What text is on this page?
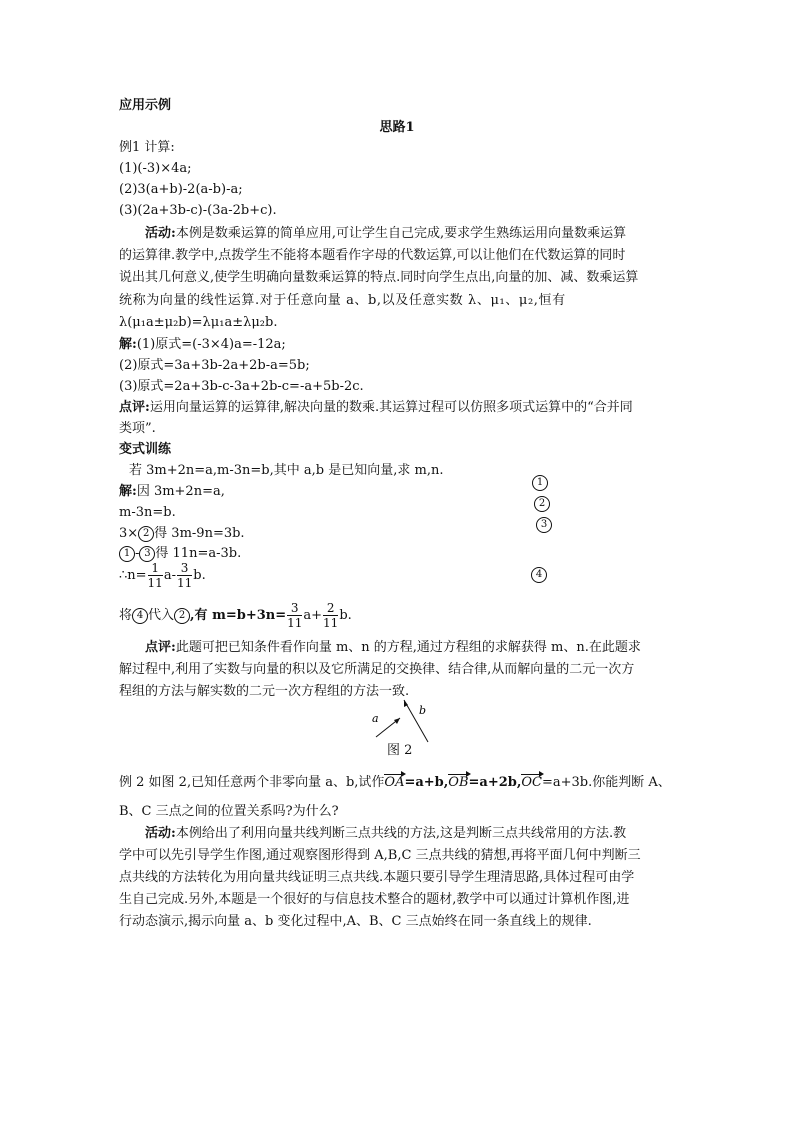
应用示例
思路1
例1 计算:
(1)(-3)×4a;
(2)3(a+b)-2(a-b)-a;
(3)(2a+3b-c)-(3a-2b+c).
活动:本例是数乘运算的简单应用,可让学生自己完成,要求学生熟练运用向量数乘运算
的运算律.教学中,点拨学生不能将本题看作字母的代数运算,可以让他们在代数运算的同时
说出其几何意义,使学生明确向量数乘运算的特点.同时向学生点出,向量的加、减、数乘运算
统称为向量的线性运算.对于任意向量 a、b,以及任意实数 λ、μ₁、μ₂,恒有
λ(μ₁a±μ₂b)=λμ₁a±λμ₂b.
解:(1)原式=(-3×4)a=-12a;
(2)原式=3a+3b-2a+2b-a=5b;
(3)原式=2a+3b-c-3a+2b-c=-a+5b-2c.
点评:运用向量运算的运算律,解决向量的数乘.其运算过程可以仿照多项式运算中的“合并同
类项”.
变式训练
若 3m+2n=a,m-3n=b,其中 a,b 是已知向量,求 m,n.
解:因 3m+2n=a,
1
m-3n=b.
2
3× 2 得 3m-9n=3b.
3
1 - 3 得 11n=a-3b.
∴n= $\frac{1}{11} a- \frac{3}{11} b$.	4
将 4 代入 2 ,有 $m=b+3n= \frac{3}{11} a+ \frac{2}{11} b$.
点评:此题可把已知条件看作向量 m、n 的方程,通过方程组的求解获得 m、n.在此题求
解过程中,利用了实数与向量的积以及它所满足的交换律、结合律,从而解向量的二元一次方
程组的方法与解实数的二元一次方程组的方法一致.
a
b
图 2
例 2 如图 2,已知任意两个非零向量 a、b,试作OA=a+b,OB=a+2b,OC=a+3b.你能判断 A、
B、C 三点之间的位置关系吗?为什么?
活动:本例给出了利用向量共线判断三点共线的方法,这是判断三点共线常用的方法.教
学中可以先引导学生作图,通过观察图形得到 A,B,C 三点共线的猜想,再将平面几何中判断三
点共线的方法转化为用向量共线证明三点共线.本题只要引导学生理清思路,具体过程可由学
生自己完成.另外,本题是一个很好的与信息技术整合的题材,教学中可以通过计算机作图,进
行动态演示,揭示向量 a、b 变化过程中,A、B、C 三点始终在同一条直线上的规律.
